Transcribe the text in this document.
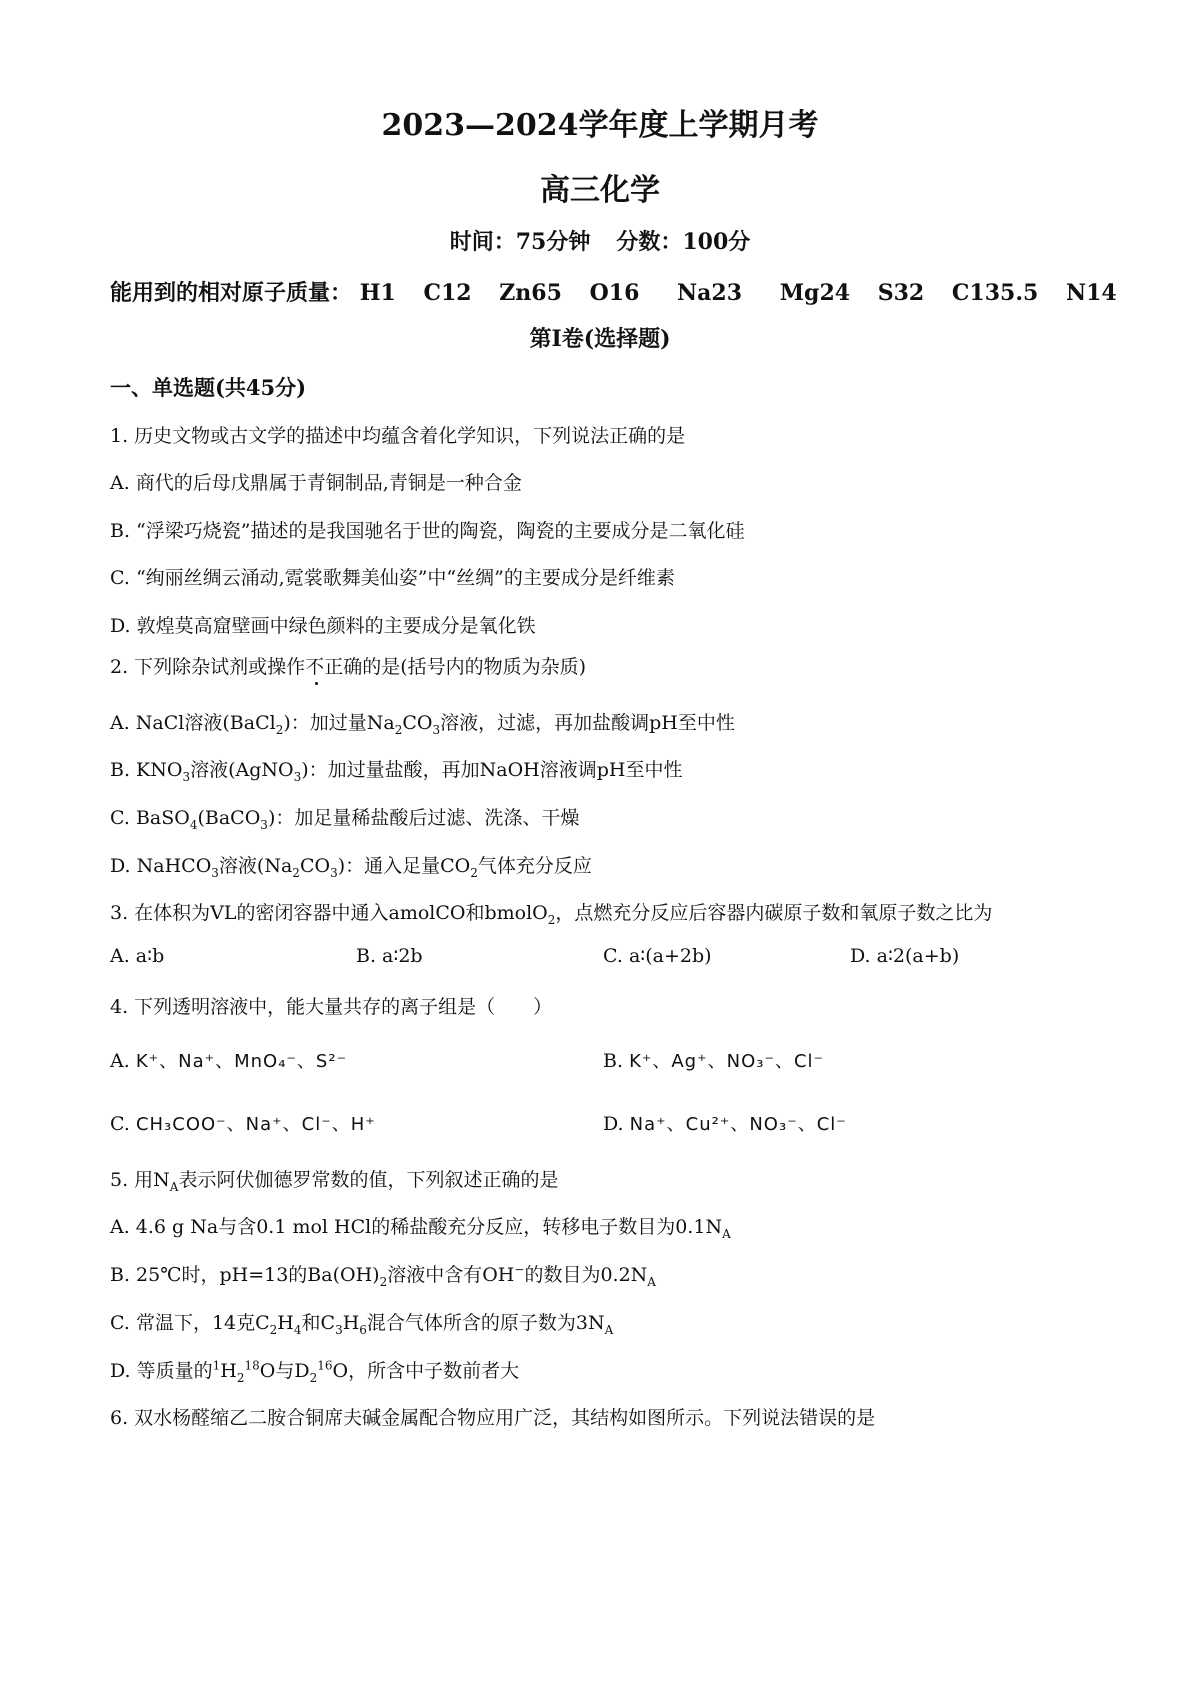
2023—2024学年度上学期月考
高三化学
时间：75分钟 分数：100分
能用到的相对原子质量： H1 C12 Zn65 O16 Na23 Mg24 S32 C135.5 N14
第Ⅰ卷(选择题)
一、单选题(共45分)
1. 历史文物或古文学的描述中均蕴含着化学知识，下列说法正确的是
A. 商代的后母戊鼎属于青铜制品,青铜是一种合金
B. “浮梁巧烧瓷”描述的是我国驰名于世的陶瓷，陶瓷的主要成分是二氧化硅
C. “绚丽丝绸云涌动,霓裳歌舞美仙姿”中“丝绸”的主要成分是纤维素
D. 敦煌莫高窟壁画中绿色颜料的主要成分是氧化铁
2. 下列除杂试剂或操作不正确的是(括号内的物质为杂质)
A. NaCl溶液(BaCl$_2$)：加过量$Na_2CO_3$溶液，过滤，再加盐酸调pH至中性
B. $KNO_3$溶液(AgNO$_3$)：加过量盐酸，再加NaOH溶液调pH至中性
C. BaSO$_4$(BaCO$_3$)：加足量稀盐酸后过滤、洗涤、干燥
D. NaHCO$_3$溶液$(Na_2CO_3)$：通入足量$CO_2$气体充分反应
3. 在体积为VL的密闭容器中通入amolCO和bmolO$_2$，点燃充分反应后容器内碳原子数和氧原子数之比为
A. a∶b	B. a∶2b	C. a∶(a+2b)	D. a∶2(a+b)
4. 下列透明溶液中，能大量共存的离子组是（　　）
A. K⁺、Na⁺、MnO₄⁻、S²⁻	B. K⁺、Ag⁺、NO₃⁻、Cl⁻
C. CH₃COO⁻、Na⁺、Cl⁻、H⁺	D. Na⁺、Cu²⁺、NO₃⁻、Cl⁻
5. 用$N_A$表示阿伏伽德罗常数的值，下列叙述正确的是
A. 4.6 g Na与含0.1 mol HCl的稀盐酸充分反应，转移电子数目为$0.1N_A$
B. 25℃时，pH=13的$Ba(OH)_2$溶液中含有OH−的数目为$0.2N_A$
C. 常温下，14克$C_2H_4$和$C_3H_6$混合气体所含的原子数为$3N_A$
D. 等质量的$^1H_2^{18}O$与$D_2^{16}O$，所含中子数前者大
6. 双水杨醛缩乙二胺合铜席夫碱金属配合物应用广泛，其结构如图所示。下列说法错误的是
